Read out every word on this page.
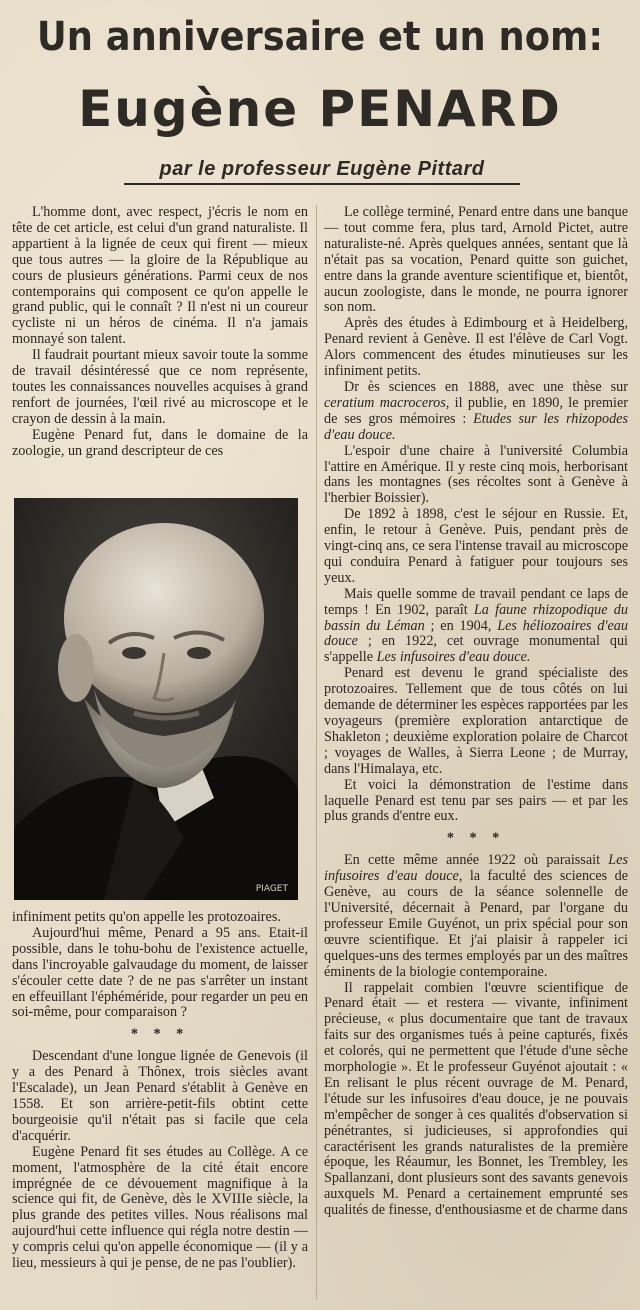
Un anniversaire et un nom:
Eugène PENARD
par le professeur Eugène Pittard

L'homme dont, avec respect, j'écris le nom en tête de cet article, est celui d'un grand naturaliste. Il appartient à la lignée de ceux qui firent — mieux que tous autres — la gloire de la République au cours de plusieurs générations. Parmi ceux de nos contemporains qui composent ce qu'on appelle le grand public, qui le connaît ? Il n'est ni un coureur cycliste ni un héros de cinéma. Il n'a jamais monnayé son talent.

Il faudrait pourtant mieux savoir toute la somme de travail désintéressé que ce nom représente, toutes les connaissances nouvelles acquises à grand renfort de journées, l'œil rivé au microscope et le crayon de dessin à la main.

Eugène Penard fut, dans le domaine de la zoologie, un grand descripteur de ces

PIAGET

infiniment petits qu'on appelle les protozoaires.

Aujourd'hui même, Penard a 95 ans. Etait-il possible, dans le tohu-bohu de l'existence actuelle, dans l'incroyable galvaudage du moment, de laisser s'écouler cette date ? de ne pas s'arrêter un instant en effeuillant l'éphéméride, pour regarder un peu en soi-même, pour comparaison ?

* * *

Descendant d'une longue lignée de Genevois (il y a des Penard à Thônex, trois siècles avant l'Escalade), un Jean Penard s'établit à Genève en 1558. Et son arrière-petit-fils obtint cette bourgeoisie qu'il n'était pas si facile que cela d'acquérir.

Eugène Penard fit ses études au Collège. A ce moment, l'atmosphère de la cité était encore imprégnée de ce dévouement magnifique à la science qui fit, de Genève, dès le XVIIIe siècle, la plus grande des petites villes. Nous réalisons mal aujourd'hui cette influence qui régla notre destin — y compris celui qu'on appelle économique — (il y a lieu, messieurs à qui je pense, de ne pas l'oublier).

Le collège terminé, Penard entre dans une banque — tout comme fera, plus tard, Arnold Pictet, autre naturaliste-né. Après quelques années, sentant que là n'était pas sa vocation, Penard quitte son guichet, entre dans la grande aventure scientifique et, bientôt, aucun zoologiste, dans le monde, ne pourra ignorer son nom.

Après des études à Edimbourg et à Heidelberg, Penard revient à Genève. Il est l'élève de Carl Vogt. Alors commencent des études minutieuses sur les infiniment petits.

Dr ès sciences en 1888, avec une thèse sur ceratium macroceros, il publie, en 1890, le premier de ses gros mémoires : Etudes sur les rhizopodes d'eau douce.

L'espoir d'une chaire à l'université Columbia l'attire en Amérique. Il y reste cinq mois, herborisant dans les montagnes (ses récoltes sont à Genève à l'herbier Boissier).

De 1892 à 1898, c'est le séjour en Russie. Et, enfin, le retour à Genève. Puis, pendant près de vingt-cinq ans, ce sera l'intense travail au microscope qui conduira Penard à fatiguer pour toujours ses yeux.

Mais quelle somme de travail pendant ce laps de temps ! En 1902, paraît La faune rhizopodique du bassin du Léman ; en 1904, Les héliozoaires d'eau douce ; en 1922, cet ouvrage monumental qui s'appelle Les infusoires d'eau douce.

Penard est devenu le grand spécialiste des protozoaires. Tellement que de tous côtés on lui demande de déterminer les espèces rapportées par les voyageurs (première exploration antarctique de Shakleton ; deuxième exploration polaire de Charcot ; voyages de Walles, à Sierra Leone ; de Murray, dans l'Himalaya, etc.

Et voici la démonstration de l'estime dans laquelle Penard est tenu par ses pairs — et par les plus grands d'entre eux.

* * *

En cette même année 1922 où paraissait Les infusoires d'eau douce, la faculté des sciences de Genève, au cours de la séance solennelle de l'Université, décernait à Penard, par l'organe du professeur Emile Guyénot, un prix spécial pour son œuvre scientifique. Et j'ai plaisir à rappeler ici quelques-uns des termes employés par un des maîtres éminents de la biologie contemporaine.

Il rappelait combien l'œuvre scientifique de Penard était — et restera — vivante, infiniment précieuse, « plus documentaire que tant de travaux faits sur des organismes tués à peine capturés, fixés et colorés, qui ne permettent que l'étude d'une sèche morphologie ». Et le professeur Guyénot ajoutait : « En relisant le plus récent ouvrage de M. Penard, l'étude sur les infusoires d'eau douce, je ne pouvais m'empêcher de songer à ces qualités d'observation si pénétrantes, si judicieuses, si approfondies qui caractérisent les grands naturalistes de la première époque, les Réaumur, les Bonnet, les Trembley, les Spallanzani, dont plusieurs sont des savants genevois auxquels M. Penard a certainement emprunté ses qualités de finesse, d'enthousiasme et de charme dans
